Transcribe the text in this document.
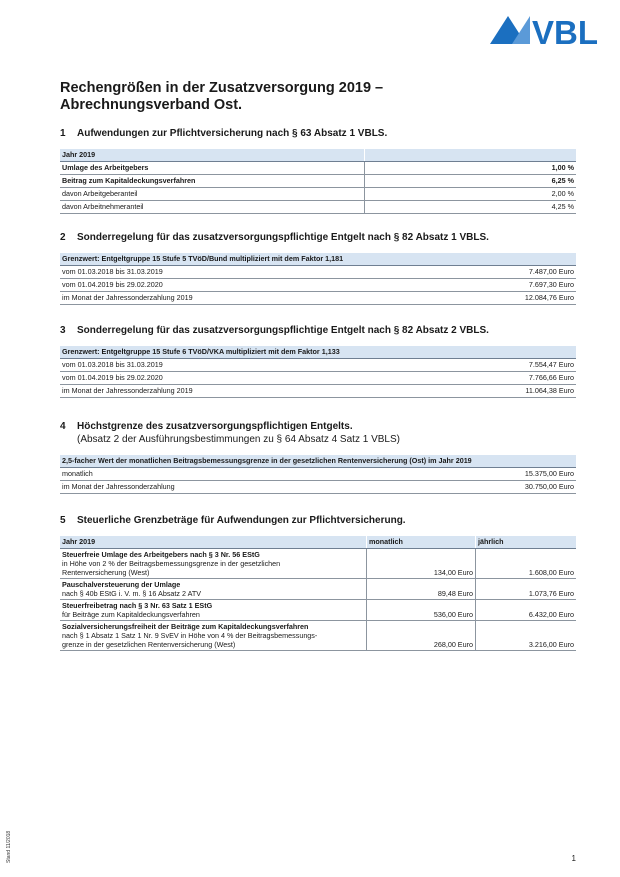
VBL
Rechengrößen in der Zusatzversorgung 2019 –
Abrechnungsverband Ost.
1	Aufwendungen zur Pflichtversicherung nach § 63 Absatz 1 VBLS.
Jahr 2019	
Umlage des Arbeitgebers	1,00 %
Beitrag zum Kapitaldeckungsverfahren	6,25 %
davon Arbeitgeberanteil	2,00 %
davon Arbeitnehmeranteil	4,25 %
2	Sonderregelung für das zusatzversorgungspflichtige Entgelt nach § 82 Absatz 1 VBLS.
Grenzwert: Entgeltgruppe 15 Stufe 5 TVöD/Bund multipliziert mit dem Faktor 1,181	
vom 01.03.2018 bis 31.03.2019	7.487,00 Euro
vom 01.04.2019 bis 29.02.2020	7.697,30 Euro
im Monat der Jahressonderzahlung 2019	12.084,76 Euro
3	Sonderregelung für das zusatzversorgungspflichtige Entgelt nach § 82 Absatz 2 VBLS.
Grenzwert: Entgeltgruppe 15 Stufe 6 TVöD/VKA multipliziert mit dem Faktor 1,133	
vom 01.03.2018 bis 31.03.2019	7.554,47 Euro
vom 01.04.2019 bis 29.02.2020	7.766,66 Euro
im Monat der Jahressonderzahlung 2019	11.064,38 Euro
4	Höchstgrenze des zusatzversorgungspflichtigen Entgelts.
(Absatz 2 der Ausführungsbestimmungen zu § 64 Absatz 4 Satz 1 VBLS)
2,5-facher Wert der monatlichen Beitragsbemessungsgrenze in der gesetzlichen Rentenversicherung (Ost) im Jahr 2019	
monatlich	15.375,00 Euro
im Monat der Jahressonderzahlung	30.750,00 Euro
5	Steuerliche Grenzbeträge für Aufwendungen zur Pflichtversicherung.
Jahr 2019	monatlich	jährlich

Steuerfreie Umlage des Arbeitgebers nach § 3 Nr. 56 EStG
in Höhe von 2 % der Beitragsbemessungsgrenze in der gesetzlichen
Rentenversicherung (West)	134,00 Euro	1.608,00 Euro

Pauschalversteuerung der Umlage
nach § 40b EStG i. V. m. § 16 Absatz 2 ATV	89,48 Euro	1.073,76 Euro

Steuerfreibetrag nach § 3 Nr. 63 Satz 1 EStG
für Beiträge zum Kapitaldeckungsverfahren	536,00 Euro	6.432,00 Euro

Sozialversicherungsfreiheit der Beiträge zum Kapitaldeckungsverfahren
nach § 1 Absatz 1 Satz 1 Nr. 9 SvEV in Höhe von 4 % der Beitragsbemessungs-
grenze in der gesetzlichen Rentenversicherung (West)	268,00 Euro	3.216,00 Euro
Stand 11/2018	1
